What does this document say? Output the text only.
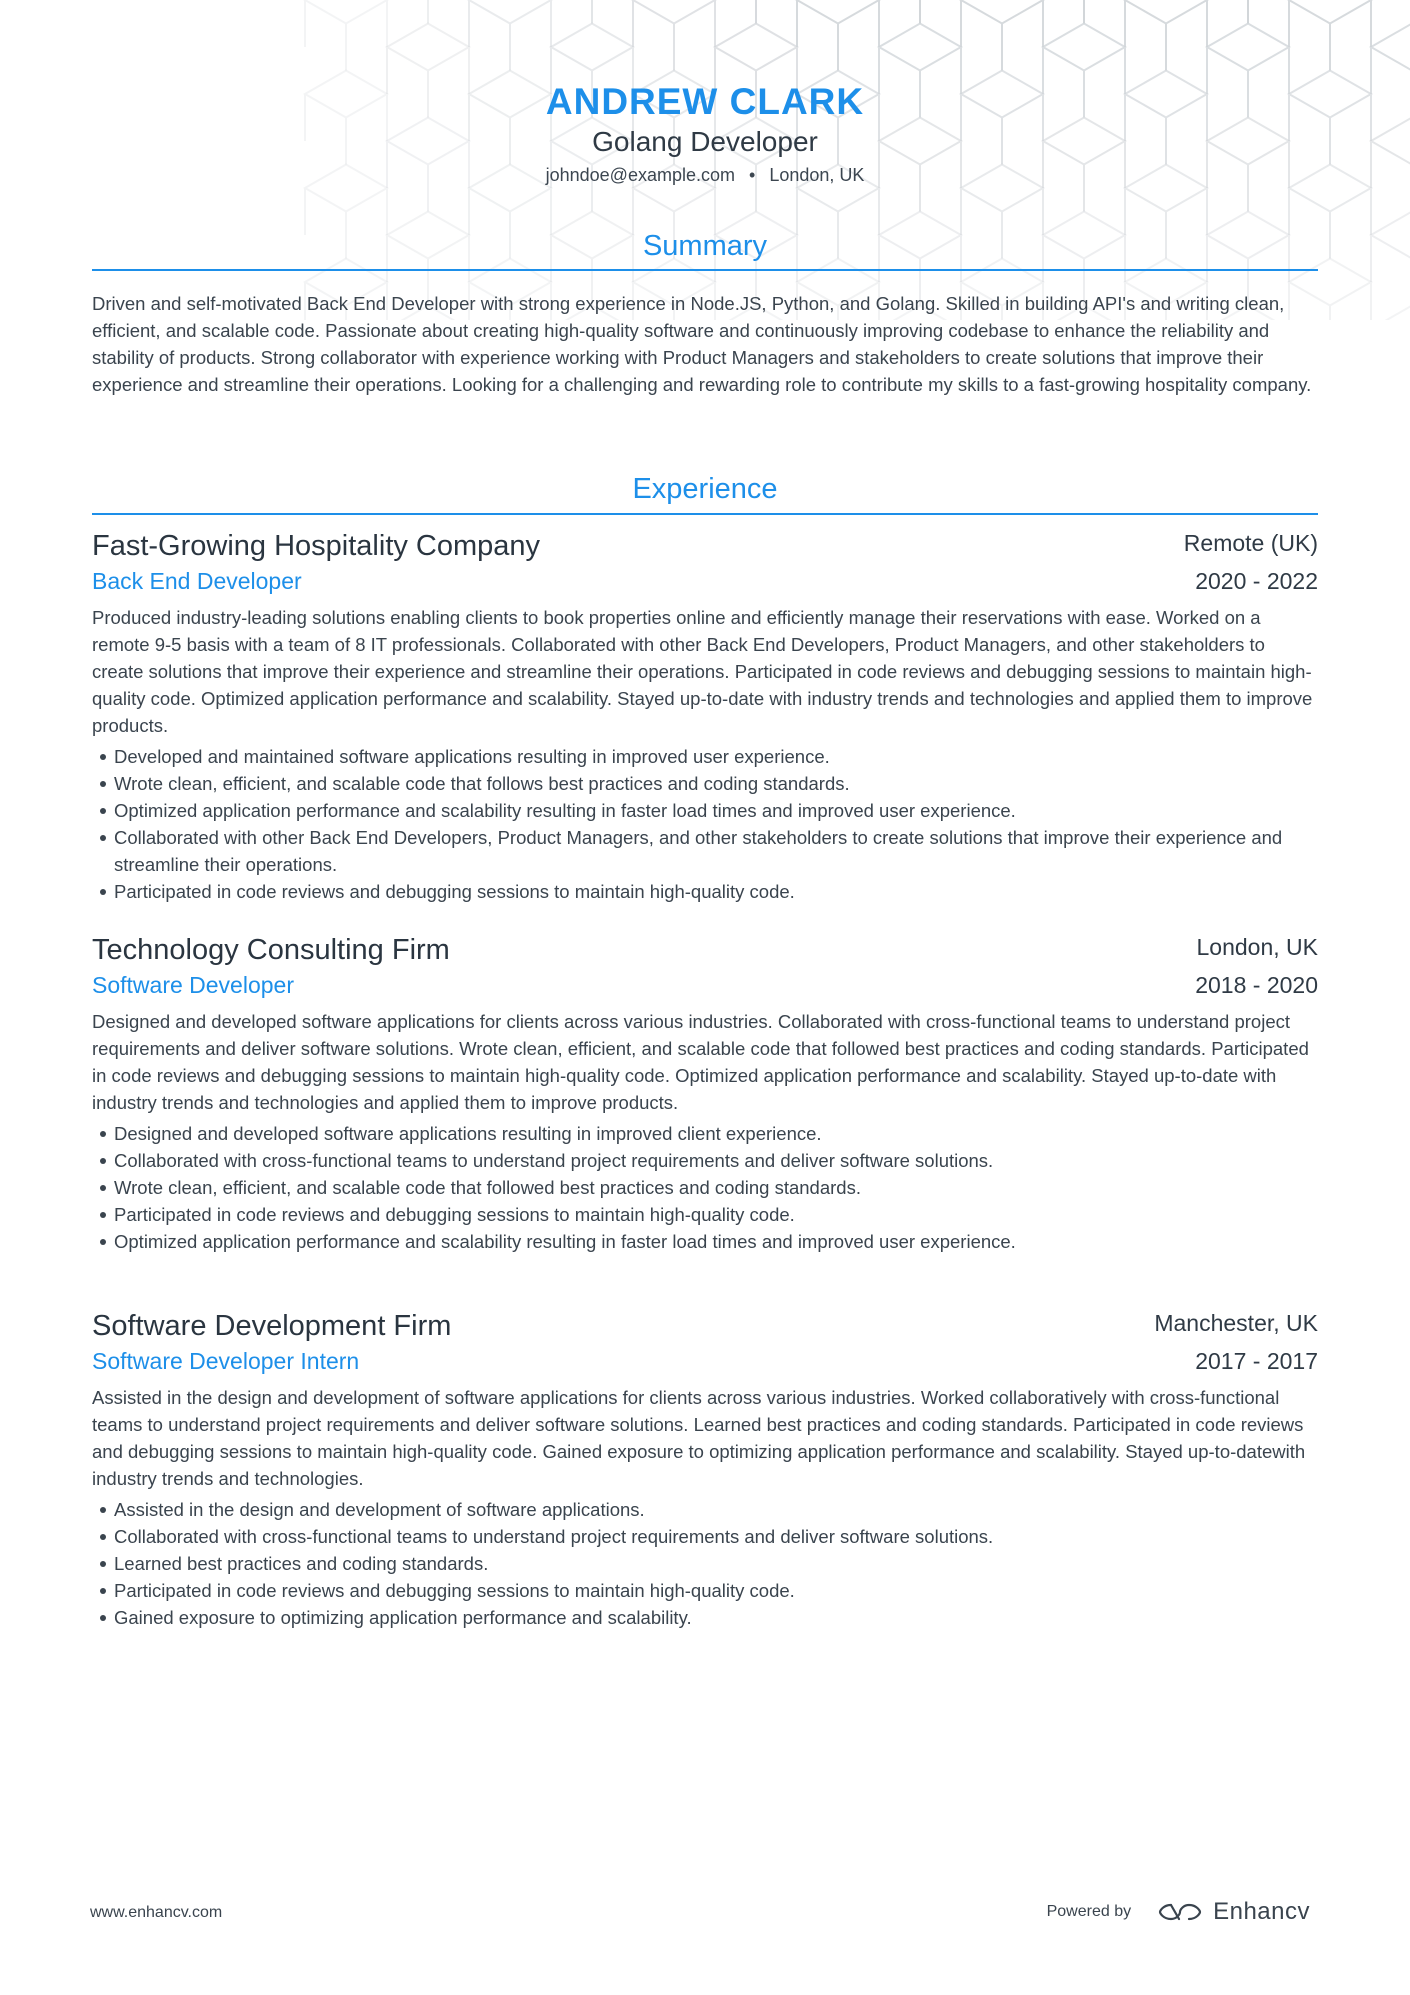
ANDREW CLARK
Golang Developer
johndoe@example.com • London, UK
Summary
Driven and self-motivated Back End Developer with strong experience in Node.JS, Python, and Golang. Skilled in building API's and writing clean, efficient, and scalable code. Passionate about creating high-quality software and continuously improving codebase to enhance the reliability and stability of products. Strong collaborator with experience working with Product Managers and stakeholders to create solutions that improve their experience and streamline their operations. Looking for a challenging and rewarding role to contribute my skills to a fast-growing hospitality company.
Experience
Fast-Growing Hospitality Company	Remote (UK)
Back End Developer	2020 - 2022
Produced industry-leading solutions enabling clients to book properties online and efficiently manage their reservations with ease. Worked on a remote 9-5 basis with a team of 8 IT professionals. Collaborated with other Back End Developers, Product Managers, and other stakeholders to create solutions that improve their experience and streamline their operations. Participated in code reviews and debugging sessions to maintain high-quality code. Optimized application performance and scalability. Stayed up-to-date with industry trends and technologies and applied them to improve products.
Developed and maintained software applications resulting in improved user experience.
Wrote clean, efficient, and scalable code that follows best practices and coding standards.
Optimized application performance and scalability resulting in faster load times and improved user experience.
Collaborated with other Back End Developers, Product Managers, and other stakeholders to create solutions that improve their experience and streamline their operations.
Participated in code reviews and debugging sessions to maintain high-quality code.
Technology Consulting Firm	London, UK
Software Developer	2018 - 2020
Designed and developed software applications for clients across various industries. Collaborated with cross-functional teams to understand project requirements and deliver software solutions. Wrote clean, efficient, and scalable code that followed best practices and coding standards. Participated in code reviews and debugging sessions to maintain high-quality code. Optimized application performance and scalability. Stayed up-to-date with industry trends and technologies and applied them to improve products.
Designed and developed software applications resulting in improved client experience.
Collaborated with cross-functional teams to understand project requirements and deliver software solutions.
Wrote clean, efficient, and scalable code that followed best practices and coding standards.
Participated in code reviews and debugging sessions to maintain high-quality code.
Optimized application performance and scalability resulting in faster load times and improved user experience.
Software Development Firm	Manchester, UK
Software Developer Intern	2017 - 2017
Assisted in the design and development of software applications for clients across various industries. Worked collaboratively with cross-functional teams to understand project requirements and deliver software solutions. Learned best practices and coding standards. Participated in code reviews and debugging sessions to maintain high-quality code. Gained exposure to optimizing application performance and scalability. Stayed up-to-datewith industry trends and technologies.
Assisted in the design and development of software applications.
Collaborated with cross-functional teams to understand project requirements and deliver software solutions.
Learned best practices and coding standards.
Participated in code reviews and debugging sessions to maintain high-quality code.
Gained exposure to optimizing application performance and scalability.
www.enhancv.com	Powered by	Enhancv
